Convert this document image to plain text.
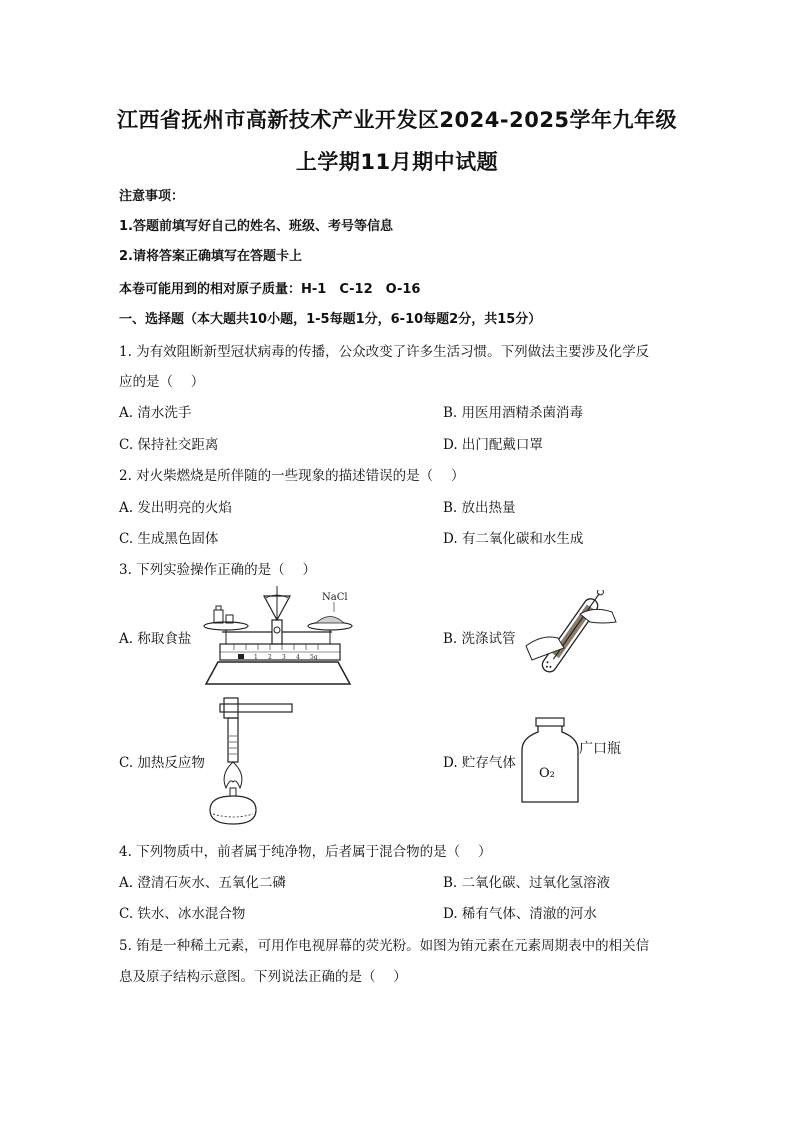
江西省抚州市高新技术产业开发区2024-2025学年九年级
上学期11月期中试题
注意事项：
1.答题前填写好自己的姓名、班级、考号等信息
2.请将答案正确填写在答题卡上
本卷可能用到的相对原子质量：H-1　C-12　O-16
一、选择题（本大题共10小题，1-5每题1分，6-10每题2分，共15分）
1. 为有效阻断新型冠状病毒的传播，公众改变了许多生活习惯。下列做法主要涉及化学反
应的是（　 ）
A. 清水洗手	B. 用医用酒精杀菌消毒
C. 保持社交距离	D. 出门配戴口罩
2. 对火柴燃烧是所伴随的一些现象的描述错误的是（　 ）
A. 发出明亮的火焰	B. 放出热量
C. 生成黑色固体	D. 有二氧化碳和水生成
3. 下列实验操作正确的是（　 ）
A. 称取食盐
1 2 3 4 5g
NaCl
B. 洗涤试管
C. 加热反应物	D. 贮存气体
O₂
广口瓶
4. 下列物质中，前者属于纯净物，后者属于混合物的是（　 ）
A. 澄清石灰水、五氧化二磷	B. 二氧化碳、过氧化氢溶液
C. 铁水、冰水混合物	D. 稀有气体、清澈的河水
5. 铕是一种稀土元素，可用作电视屏幕的荧光粉。如图为铕元素在元素周期表中的相关信
息及原子结构示意图。下列说法正确的是（　 ）
